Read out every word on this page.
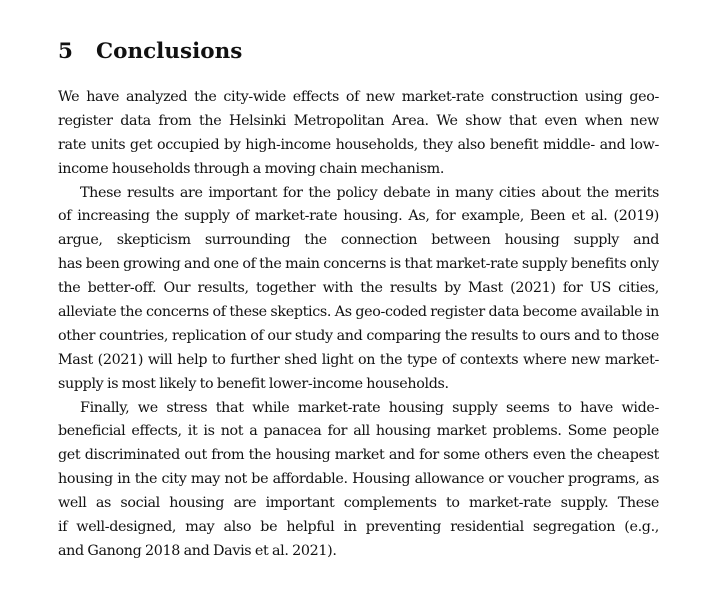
5 Conclusions
We have analyzed the city-wide effects of new market-rate construction using geo-
register data from the Helsinki Metropolitan Area. We show that even when new
rate units get occupied by high-income households, they also benefit middle- and low-
income households through a moving chain mechanism.
These results are important for the policy debate in many cities about the merits
of increasing the supply of market-rate housing. As, for example, Been et al. (2019)
argue, skepticism surrounding the connection between housing supply and
has been growing and one of the main concerns is that market-rate supply benefits only
the better-off. Our results, together with the results by Mast (2021) for US cities,
alleviate the concerns of these skeptics. As geo-coded register data become available in
other countries, replication of our study and comparing the results to ours and to those
Mast (2021) will help to further shed light on the type of contexts where new market-
supply is most likely to benefit lower-income households.
Finally, we stress that while market-rate housing supply seems to have wide-
beneficial effects, it is not a panacea for all housing market problems. Some people
get discriminated out from the housing market and for some others even the cheapest
housing in the city may not be affordable. Housing allowance or voucher programs, as
well as social housing are important complements to market-rate supply. These
if well-designed, may also be helpful in preventing residential segregation (e.g.,
and Ganong 2018 and Davis et al. 2021).
